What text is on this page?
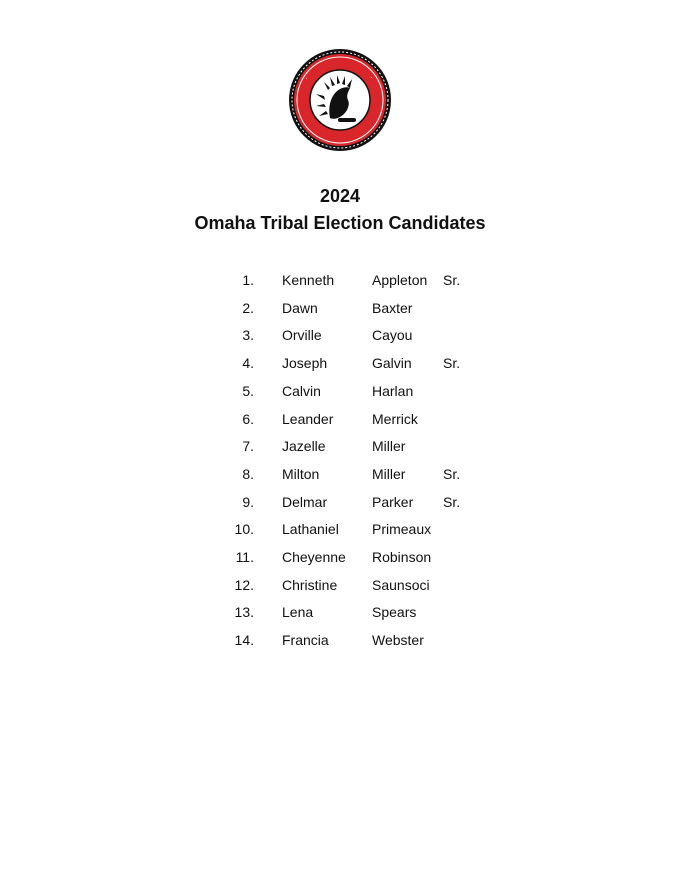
·	·
2024
Omaha Tribal Election Candidates
1. Kenneth	Appleton Sr.
2. Dawn	Baxter
3. Orville	Cayou
4. Joseph	Galvin Sr.
5. Calvin	Harlan
6. Leander	Merrick
7. Jazelle	Miller
8. Milton	Miller	Sr.
9. Delmar	Parker Sr.
10. Lathaniel Primeaux
11. Cheyenne Robinson
12. Christine Saunsoci
13. Lena	Spears
14. Francia	Webster
